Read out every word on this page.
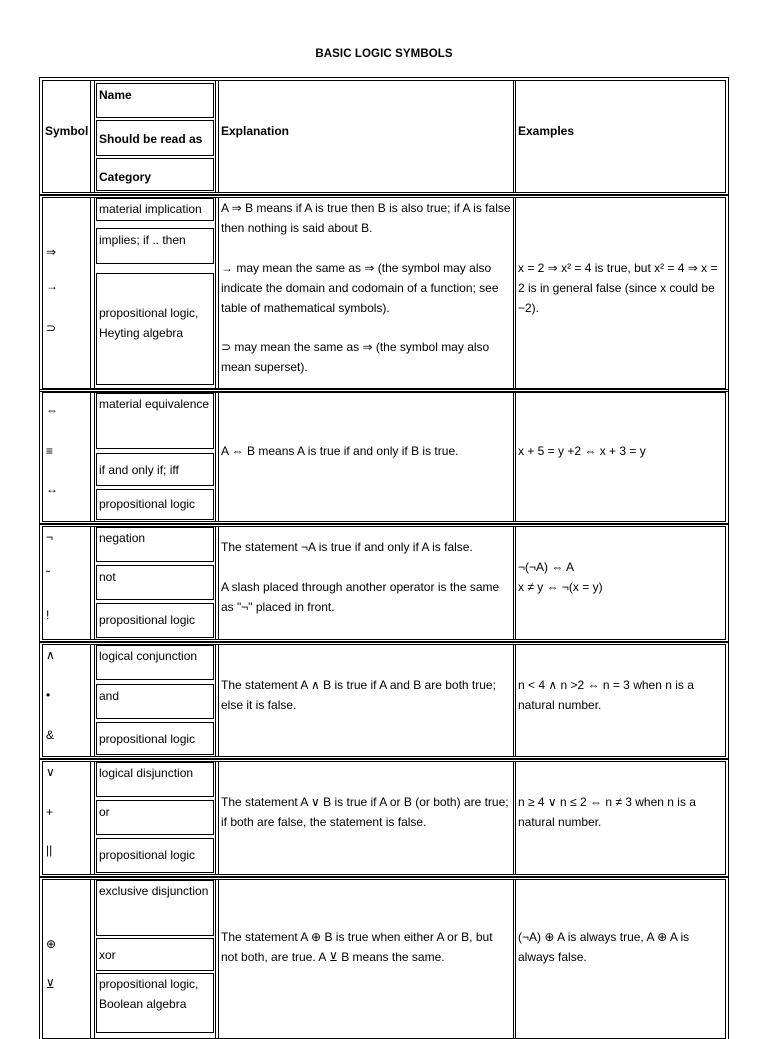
BASIC LOGIC SYMBOLS
Symbol
Name
Should be read as
Category
Explanation	Examples
⇒
→
⊃
material implication
implies; if .. then
propositional logic, Heyting algebra
A ⇒ B means if A is true then B is also true; if A is false then nothing is said about B.
→ may mean the same as ⇒ (the symbol may also indicate the domain and codomain of a function; see table of mathematical symbols).
⊃ may mean the same as ⇒ (the symbol may also mean superset).
x = 2 ⇒ x² = 4 is true, but x² = 4 ⇒ x = 2 is in general false (since x could be −2).
⇔
≡
↔
material equivalence
if and only if; iff
propositional logic
A ⇔ B means A is true if and only if B is true.	x + 5 = y +2 ⇔ x + 3 = y
¬
˜
!
negation
not
propositional logic
The statement ¬A is true if and only if A is false.
A slash placed through another operator is the same as "¬" placed in front.
¬(¬A) ⇔ A
x ≠ y ⇔ ¬(x = y)
∧
•
&
logical conjunction
and
propositional logic
The statement A ∧ B is true if A and B are both true; else it is false.
n < 4 ∧ n >2 ⇔ n = 3 when n is a natural number.
∨
+
||
logical disjunction
or
propositional logic
The statement A ∨ B is true if A or B (or both) are true; if both are false, the statement is false.
n ≥ 4 ∨ n ≤ 2 ⇔ n ≠ 3 when n is a natural number.
⊕
⊻
exclusive disjunction
xor
propositional logic, Boolean algebra
The statement A ⊕ B is true when either A or B, but not both, are true. A ⊻ B means the same.
(¬A) ⊕ A is always true, A ⊕ A is always false.
